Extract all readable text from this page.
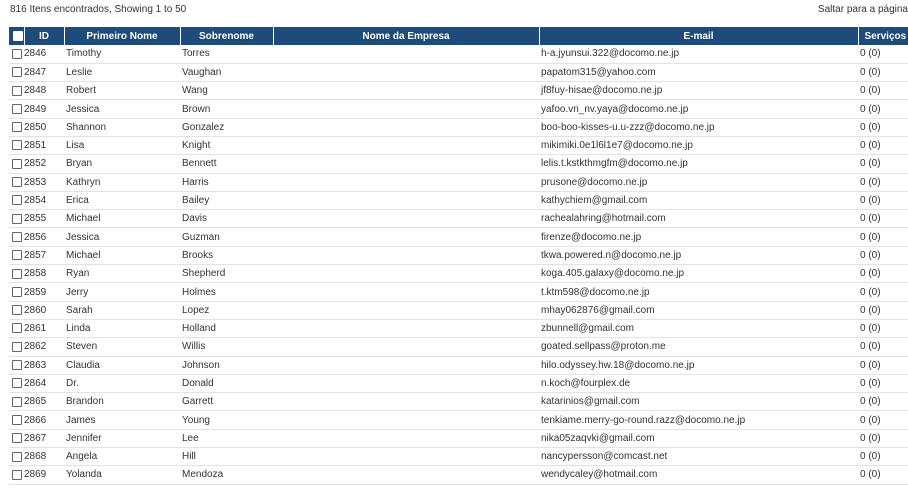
816 Itens encontrados, Showing 1 to 50	Saltar para a página
	ID	Primeiro Nome	Sobrenome	Nome da Empresa	E-mail	Serviços
	2846	Timothy	Torres		h-a.jyunsui.322@docomo.ne.jp	0 (0)
	2847	Leslie	Vaughan		papatom315@yahoo.com	0 (0)
	2848	Robert	Wang		jf8fuy-hisae@docomo.ne.jp	0 (0)
	2849	Jessica	Brown		yafoo.vn_nv.yaya@docomo.ne.jp	0 (0)
	2850	Shannon	Gonzalez		boo-boo-kisses-u.u-zzz@docomo.ne.jp	0 (0)
	2851	Lisa	Knight		mikimiki.0e1l6l1e7@docomo.ne.jp	0 (0)
	2852	Bryan	Bennett		lelis.t.kstkthmgfm@docomo.ne.jp	0 (0)
	2853	Kathryn	Harris		prusone@docomo.ne.jp	0 (0)
	2854	Erica	Bailey		kathychiem@gmail.com	0 (0)
	2855	Michael	Davis		rachealahring@hotmail.com	0 (0)
	2856	Jessica	Guzman		firenze@docomo.ne.jp	0 (0)
	2857	Michael	Brooks		tkwa.powered.n@docomo.ne.jp	0 (0)
	2858	Ryan	Shepherd		koga.405.galaxy@docomo.ne.jp	0 (0)
	2859	Jerry	Holmes		t.ktm598@docomo.ne.jp	0 (0)
	2860	Sarah	Lopez		mhay062876@gmail.com	0 (0)
	2861	Linda	Holland		zbunnell@gmail.com	0 (0)
	2862	Steven	Willis		goated.sellpass@proton.me	0 (0)
	2863	Claudia	Johnson		hilo.odyssey.hw.18@docomo.ne.jp	0 (0)
	2864	Dr.	Donald		n.koch@fourplex.de	0 (0)
	2865	Brandon	Garrett		katarinios@gmail.com	0 (0)
	2866	James	Young		tenkiame.merry-go-round.razz@docomo.ne.jp	0 (0)
	2867	Jennifer	Lee		nika05zaqvki@gmail.com	0 (0)
	2868	Angela	Hill		nancypersson@comcast.net	0 (0)
	2869	Yolanda	Mendoza		wendycaley@hotmail.com	0 (0)
